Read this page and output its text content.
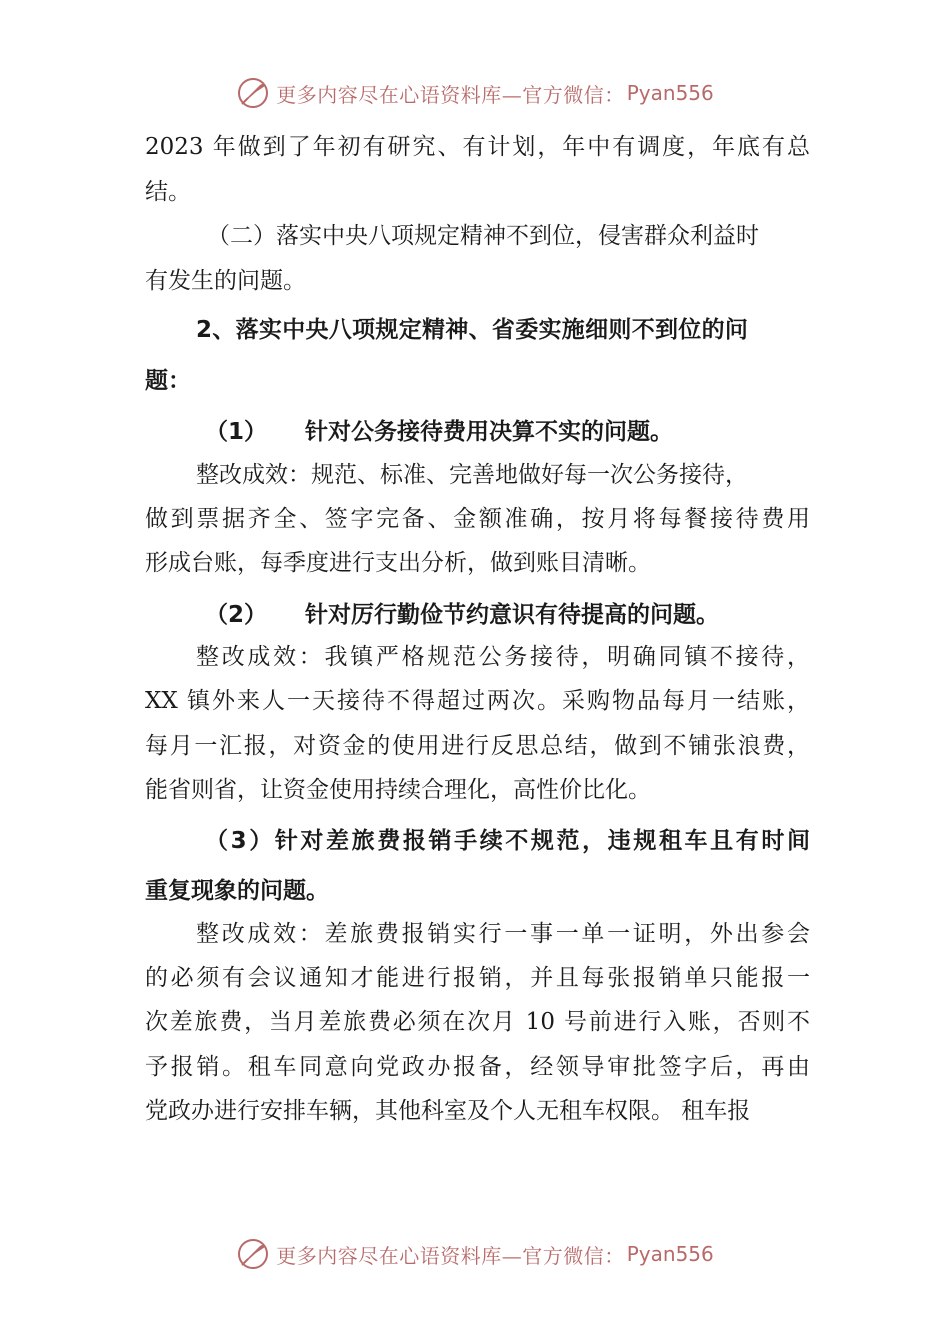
更多内容尽在心语资料库—官方微信： Pyan556
2023 年做到了年初有研究、有计划，年中有调度，年底有总
结。
（二）落实中央八项规定精神不到位，侵害群众利益时
有发生的问题。
2、落实中央八项规定精神、省委实施细则不到位的问
题：
（1）	针对公务接待费用决算不实的问题。
整改成效：规范、标准、完善地做好每一次公务接待，
做到票据齐全、签字完备、金额准确，按月将每餐接待费用
形成台账，每季度进行支出分析，做到账目清晰。
（2）	针对厉行勤俭节约意识有待提高的问题。
整改成效：我镇严格规范公务接待，明确同镇不接待，
XX 镇外来人一天接待不得超过两次。采购物品每月一结账，
每月一汇报，对资金的使用进行反思总结，做到不铺张浪费，
能省则省，让资金使用持续合理化，高性价比化。
（3）针对差旅费报销手续不规范，违规租车且有时间
重复现象的问题。
整改成效：差旅费报销实行一事一单一证明，外出参会
的必须有会议通知才能进行报销，并且每张报销单只能报一
次差旅费，当月差旅费必须在次月 10 号前进行入账，否则不
予报销。租车同意向党政办报备，经领导审批签字后，再由
党政办进行安排车辆，其他科室及个人无租车权限。 租车报
更多内容尽在心语资料库—官方微信： Pyan556
